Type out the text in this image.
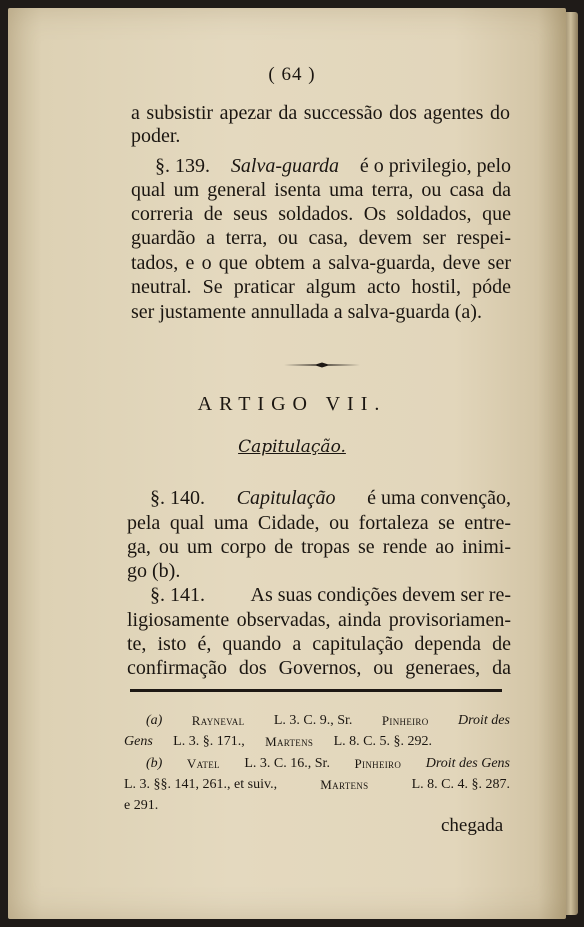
( 64 )
a subsistir apezar da successão dos agentes do
poder.
§. 139. Salva-guarda é o privilegio, pelo
qual um general isenta uma terra, ou casa da
correria de seus soldados. Os soldados, que
guardão a terra, ou casa, devem ser respei-
tados, e o que obtem a salva-guarda, deve ser
neutral. Se praticar algum acto hostil, póde
ser justamente annullada a salva-guarda (a).
ARTIGO VII.
Capitulação.
§. 140. Capitulação é uma convenção,
pela qual uma Cidade, ou fortaleza se entre-
ga, ou um corpo de tropas se rende ao inimi-
go (b).
§. 141. As suas condições devem ser re-
ligiosamente observadas, ainda provisoriamen-
te, isto é, quando a capitulação dependa de
confirmação dos Governos, ou generaes, da
(a) Rayneval L. 3. C. 9., Sr. Pinheiro Droit des
Gens L. 3. §. 171., Martens L. 8. C. 5. §. 292.
(b) Vatel L. 3. C. 16., Sr. Pinheiro Droit des Gens
L. 3. §§. 141, 261., et suiv.,	Martens	L. 8. C. 4. §. 287.
e 291.
chegada
